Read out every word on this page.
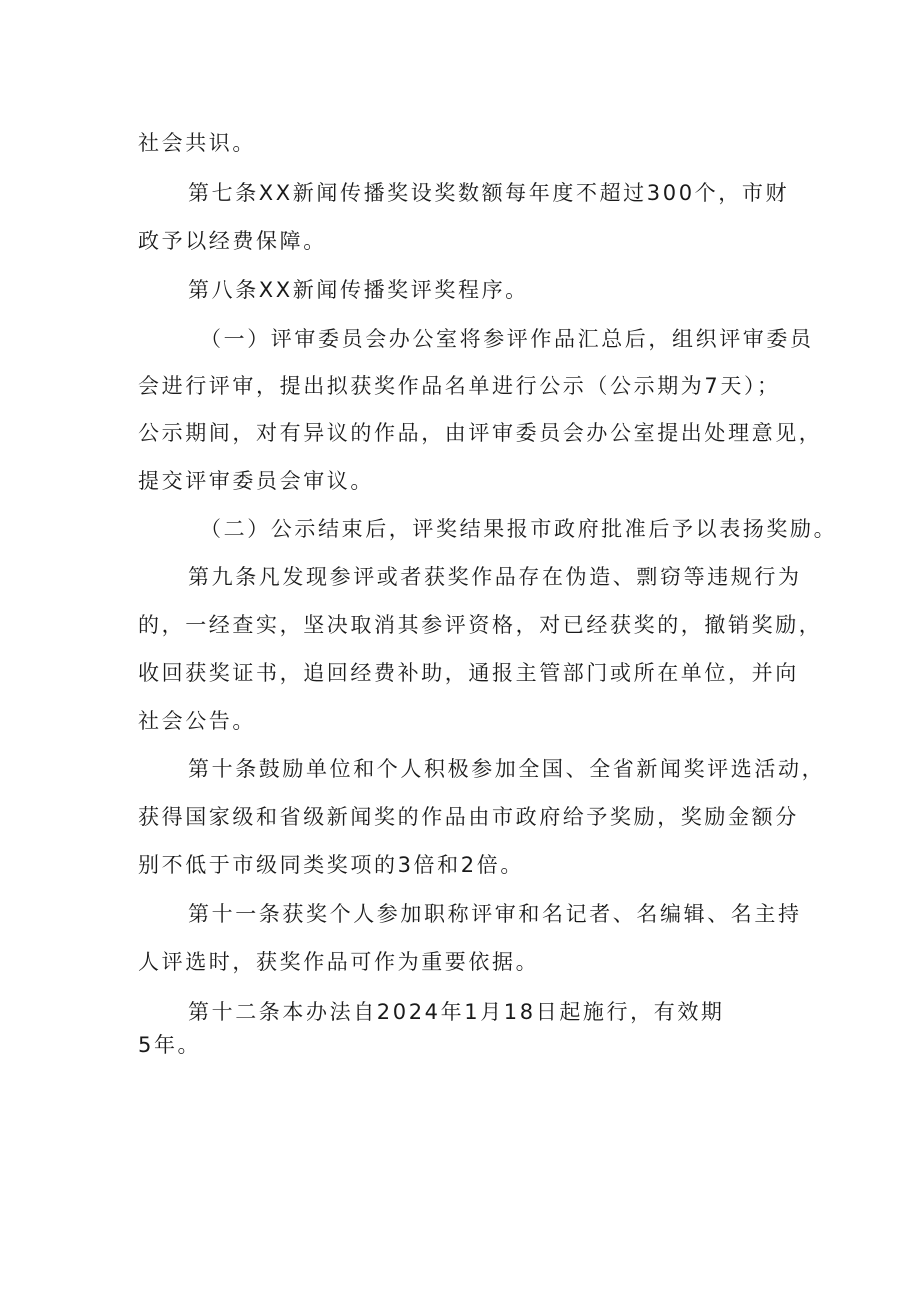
社会共识。

第七条XX新闻传播奖设奖数额每年度不超过300个，市财

政予以经费保障。

第八条XX新闻传播奖评奖程序。

（一）评审委员会办公室将参评作品汇总后，组织评审委员

会进行评审，提出拟获奖作品名单进行公示（公示期为7天）；

公示期间，对有异议的作品，由评审委员会办公室提出处理意见，

提交评审委员会审议。

（二）公示结束后，评奖结果报市政府批准后予以表扬奖励。

第九条凡发现参评或者获奖作品存在伪造、剽窃等违规行为

的，一经查实，坚决取消其参评资格，对已经获奖的，撤销奖励，

收回获奖证书，追回经费补助，通报主管部门或所在单位，并向

社会公告。

第十条鼓励单位和个人积极参加全国、全省新闻奖评选活动，

获得国家级和省级新闻奖的作品由市政府给予奖励，奖励金额分

别不低于市级同类奖项的3倍和2倍。

第十一条获奖个人参加职称评审和名记者、名编辑、名主持

人评选时，获奖作品可作为重要依据。

第十二条本办法自2024年1月18日起施行，有效期

5年。
